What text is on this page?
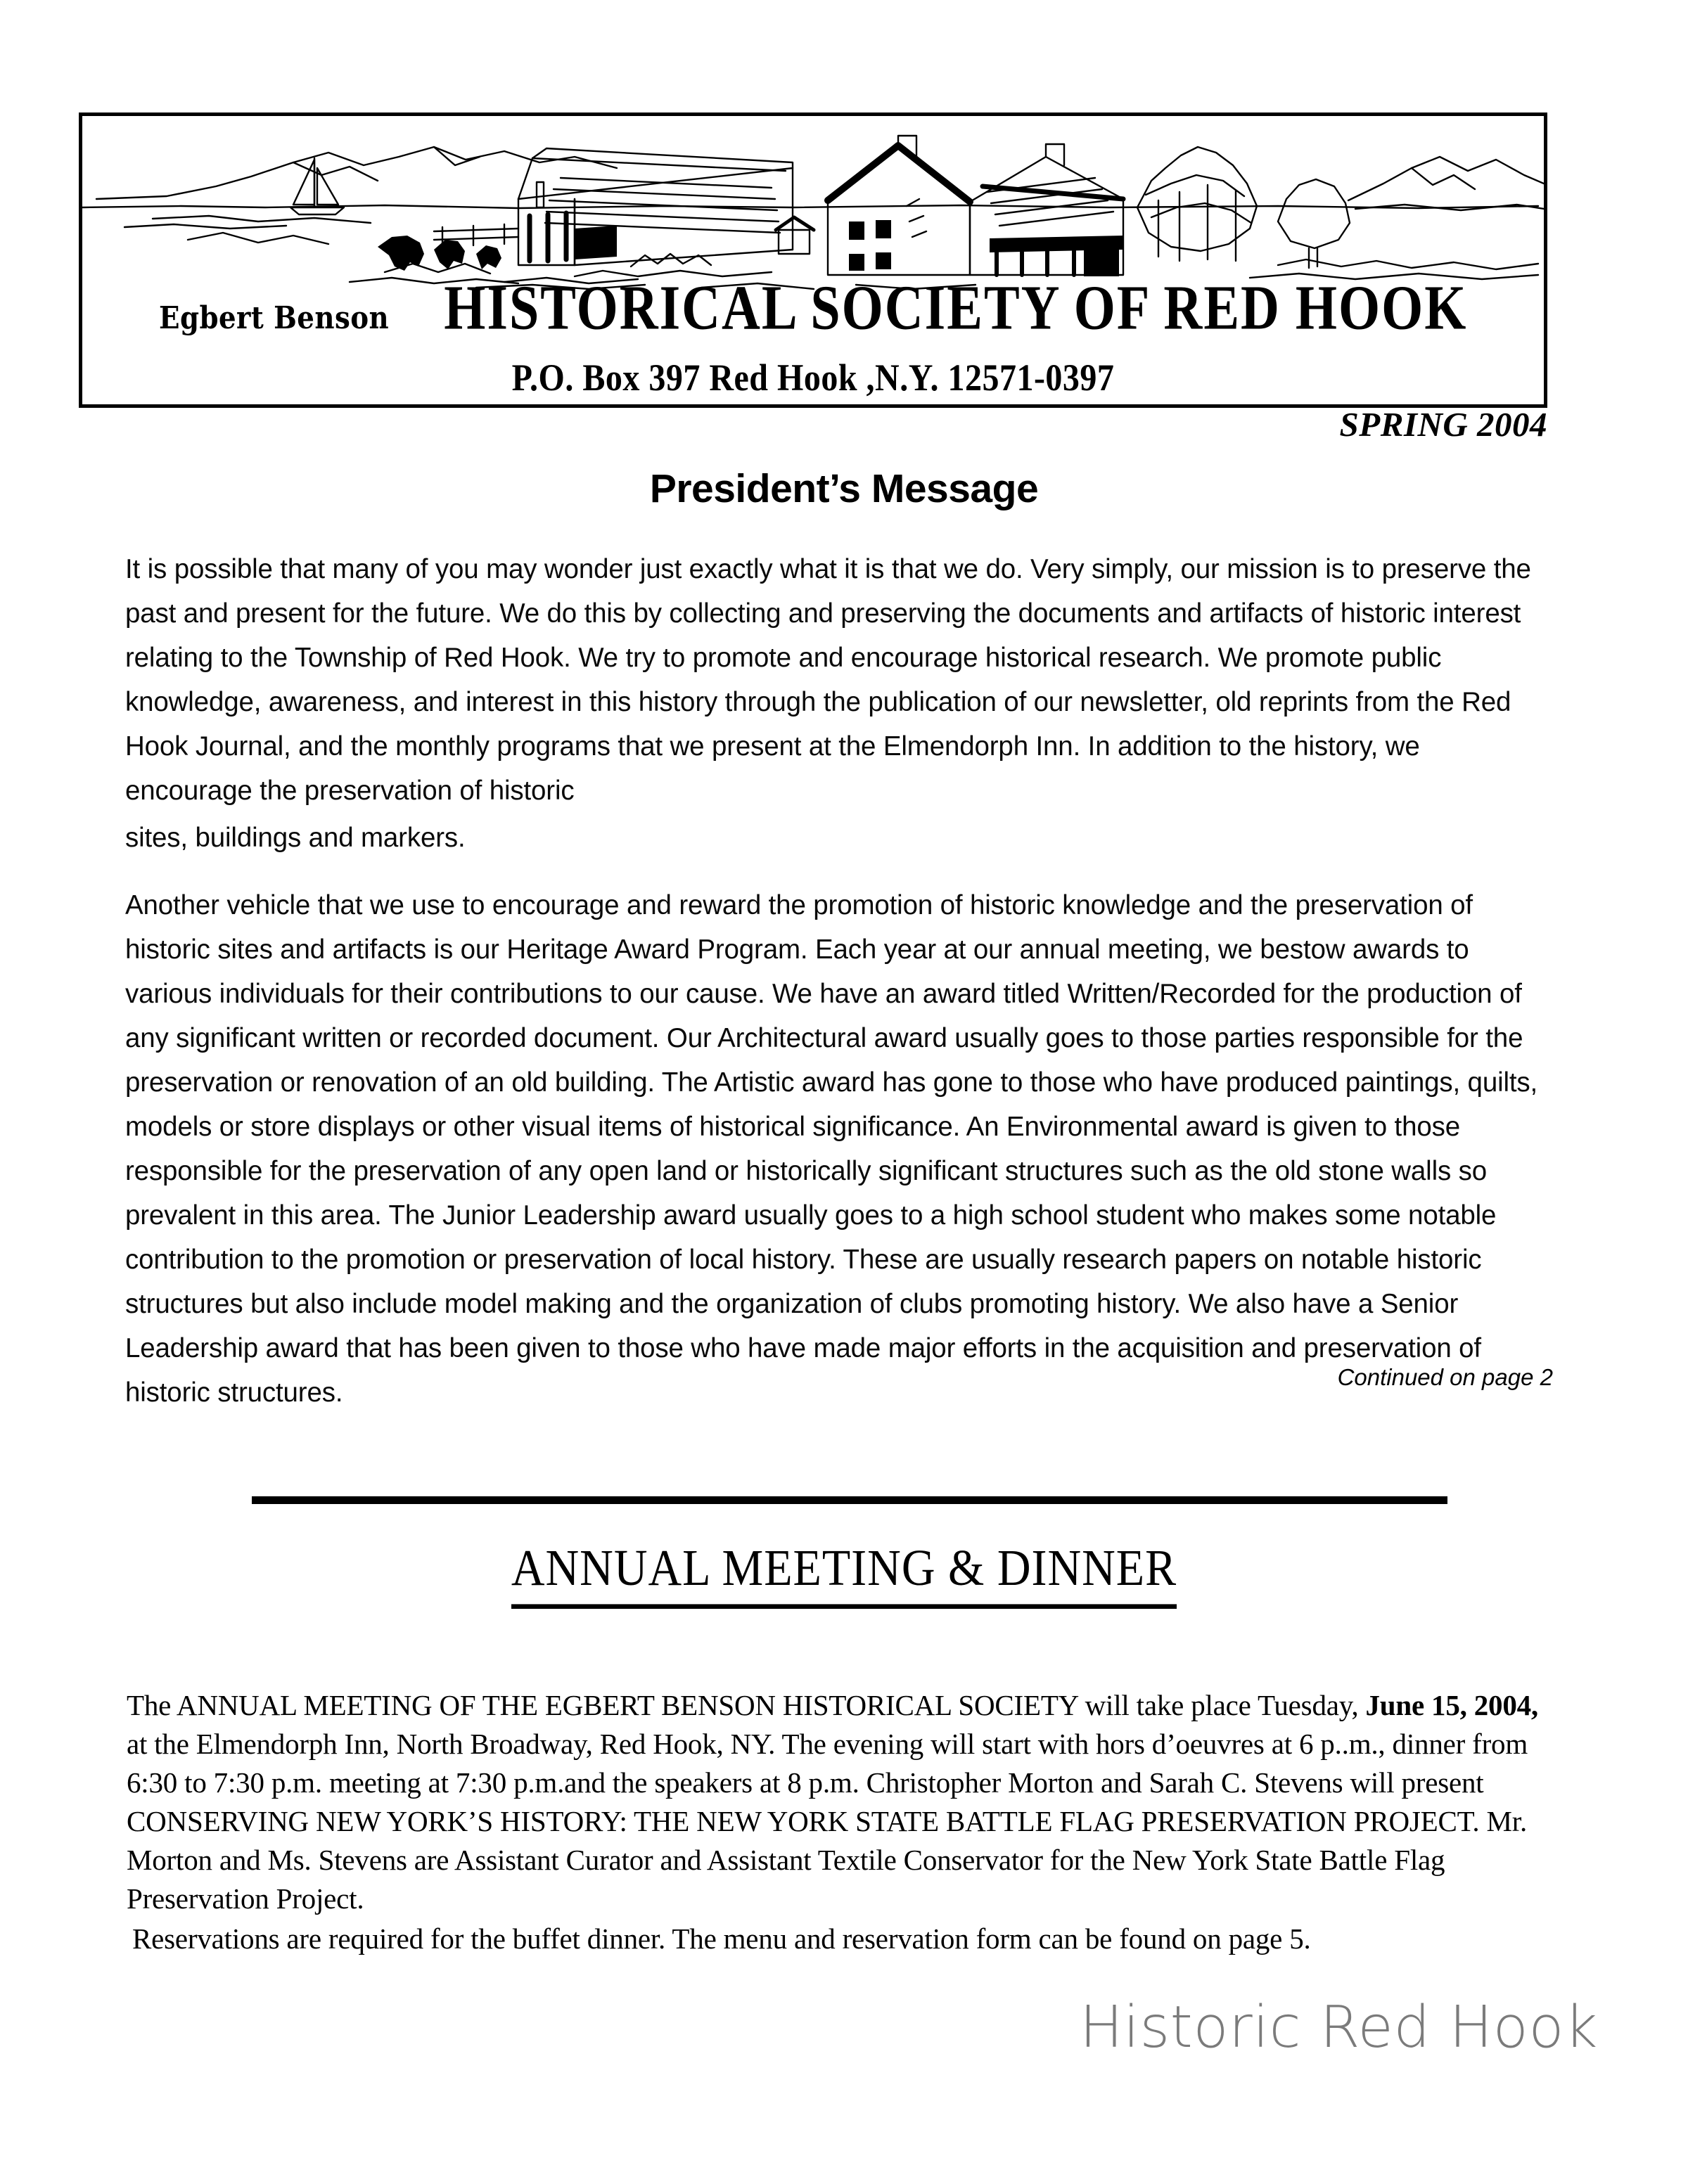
Egbert Benson HISTORICAL SOCIETY OF RED HOOK
P.O. Box 397 Red Hook ,N.Y. 12571-0397
SPRING 2004
President’s Message
It is possible that many of you may wonder just exactly what it is that we do. Very simply, our mission is to preserve the past and present for the future. We do this by collecting and preserving the documents and artifacts of historic interest relating to the Township of Red Hook. We try to promote and encourage historical research. We promote public knowledge, awareness, and interest in this history through the publication of our newsletter, old reprints from the Red Hook Journal, and the monthly programs that we present at the Elmendorph Inn. In addition to the history, we encourage the preservation of historic
sites, buildings and markers.
Another vehicle that we use to encourage and reward the promotion of historic knowledge and the preservation of historic sites and artifacts is our Heritage Award Program. Each year at our annual meeting, we bestow awards to various individuals for their contributions to our cause. We have an award titled Written/Recorded for the production of any significant written or recorded document. Our Architectural award usually goes to those parties responsible for the preservation or renovation of an old building. The Artistic award has gone to those who have produced paintings, quilts, models or store displays or other visual items of historical significance. An Environmental award is given to those responsible for the preservation of any open land or historically significant structures such as the old stone walls so prevalent in this area. The Junior Leadership award usually goes to a high school student who makes some notable contribution to the promotion or preservation of local history. These are usually research papers on notable historic structures but also include model making and the organization of clubs promoting history. We also have a Senior Leadership award that has been given to those who have made major efforts in the acquisition and preservation of historic structures.
Continued on page 2
ANNUAL MEETING & DINNER
The ANNUAL MEETING OF THE EGBERT BENSON HISTORICAL SOCIETY will take place Tuesday, June 15, 2004, at the Elmendorph Inn, North Broadway, Red Hook, NY. The evening will start with hors d’oeuvres at 6 p..m., dinner from 6:30 to 7:30 p.m. meeting at 7:30 p.m.and the speakers at 8 p.m. Christopher Morton and Sarah C. Stevens will present CONSERVING NEW YORK’S HISTORY: THE NEW YORK STATE BATTLE FLAG PRESERVATION PROJECT. Mr. Morton and Ms. Stevens are Assistant Curator and Assistant Textile Conservator for the New York State Battle Flag Preservation Project.
Reservations are required for the buffet dinner. The menu and reservation form can be found on page 5.
Historic Red Hook
